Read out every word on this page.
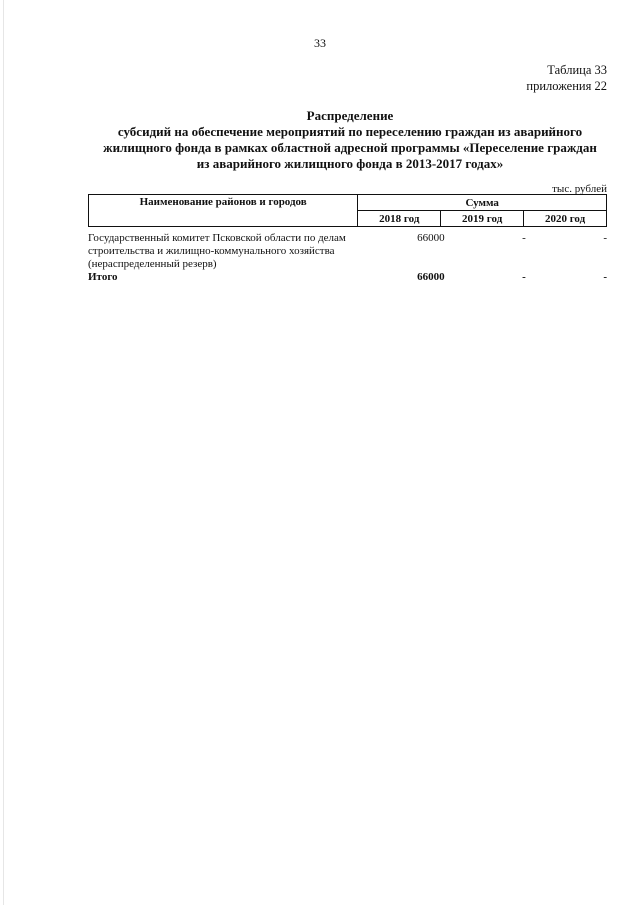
33
Таблица 33
приложения 22
Распределение
субсидий на обеспечение мероприятий по переселению граждан из аварийного
жилищного фонда в рамках областной адресной программы «Переселение граждан
из аварийного жилищного фонда в 2013-2017 годах»
тыс. рублей
Наименование районов и городов	Сумма		
	2018 год	2019 год	2020 год
Государственный комитет Псковской области по делам строительства и жилищно-коммунального хозяйства (нераспределенный резерв)	66000	-	-
Итого	66000	-	-
